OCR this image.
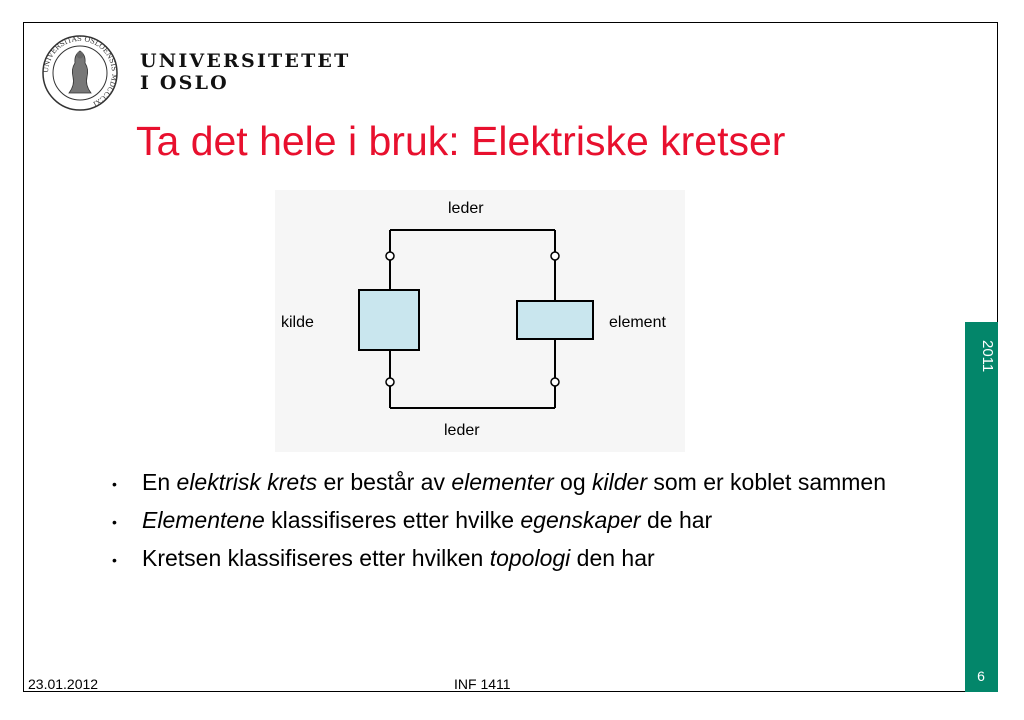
UNIVERSITAS OSLOENSIS MDCCCXI
UNIVERSITETET
I OSLO
Ta det hele i bruk: Elektriske kretser
leder
leder
kilde	element
• En elektrisk krets er består av elementer og kilder som er koblet sammen
• Elementene klassifiseres etter hvilke egenskaper de har
• Kretsen klassifiseres etter hvilken topologi den har
2011
6
23.01.2012	INF 1411
